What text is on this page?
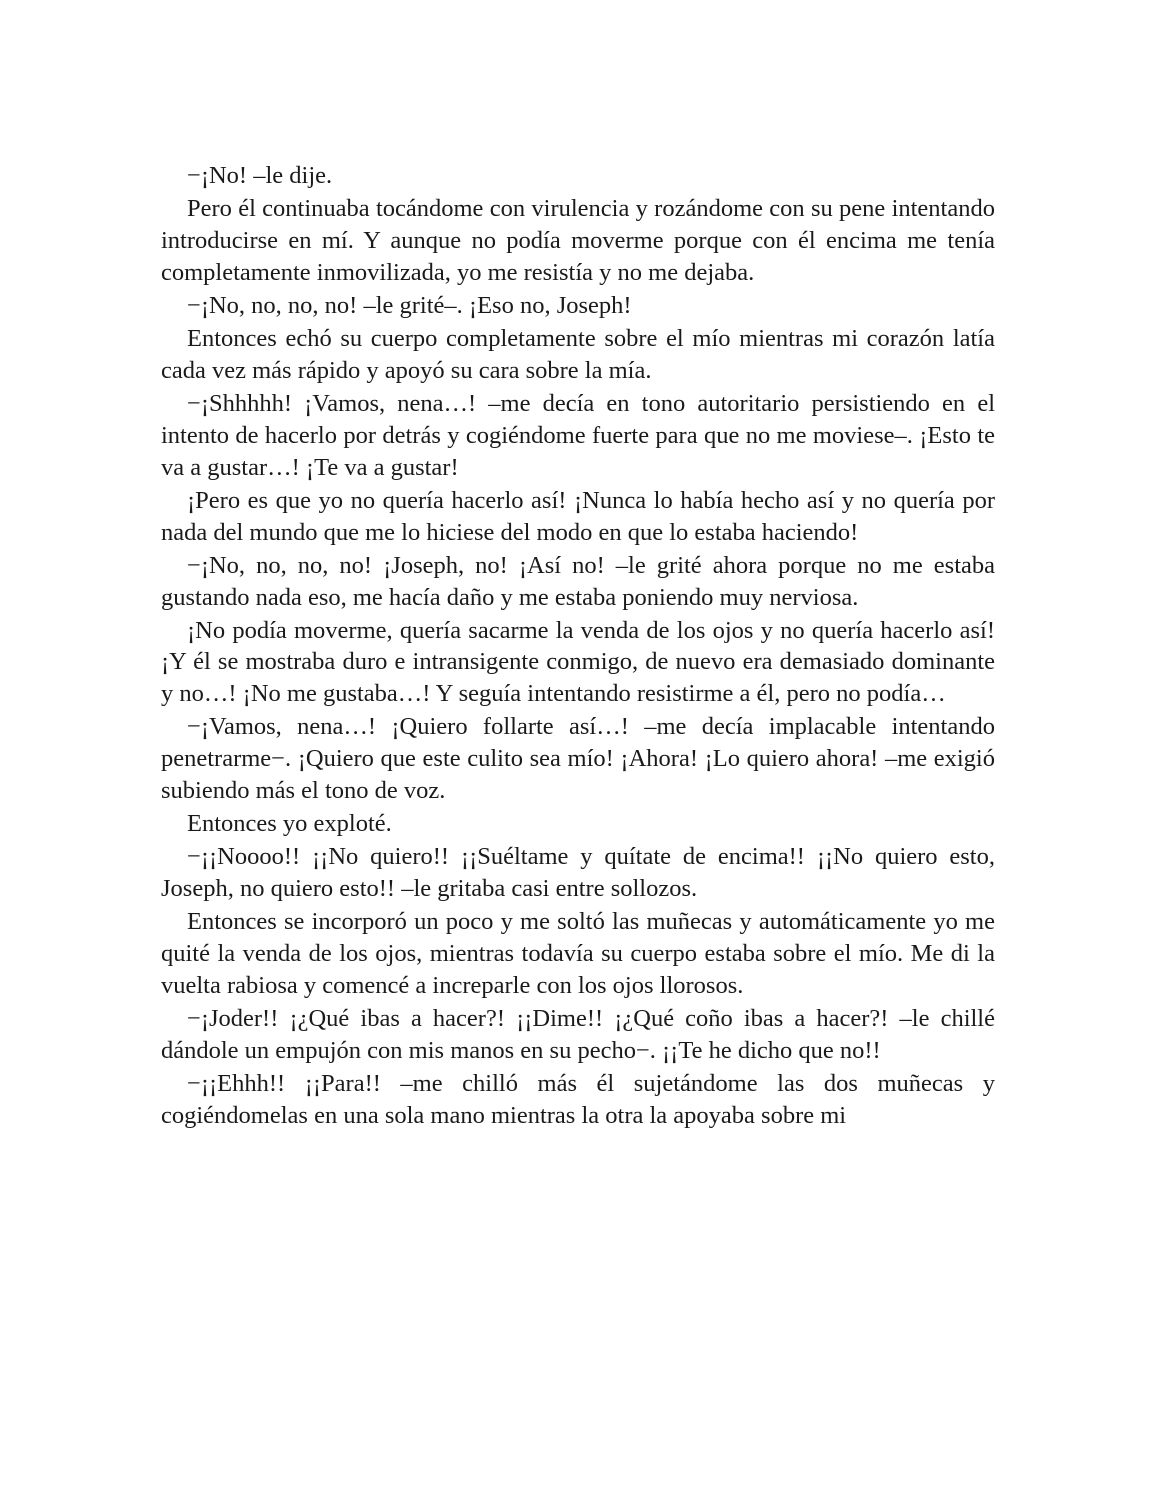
−¡No! –le dije.

Pero él continuaba tocándome con virulencia y rozándome con su pene intentando introducirse en mí. Y aunque no podía moverme porque con él encima me tenía completamente inmovilizada, yo me resistía y no me dejaba.

−¡No, no, no, no! –le grité–. ¡Eso no, Joseph!

Entonces echó su cuerpo completamente sobre el mío mientras mi corazón latía cada vez más rápido y apoyó su cara sobre la mía.

−¡Shhhhh! ¡Vamos, nena…! –me decía en tono autoritario persistiendo en el intento de hacerlo por detrás y cogiéndome fuerte para que no me moviese–. ¡Esto te va a gustar…! ¡Te va a gustar!

¡Pero es que yo no quería hacerlo así! ¡Nunca lo había hecho así y no quería por nada del mundo que me lo hiciese del modo en que lo estaba haciendo!

−¡No, no, no, no! ¡Joseph, no! ¡Así no! –le grité ahora porque no me estaba gustando nada eso, me hacía daño y me estaba poniendo muy nerviosa.

¡No podía moverme, quería sacarme la venda de los ojos y no quería hacerlo así! ¡Y él se mostraba duro e intransigente conmigo, de nuevo era demasiado dominante y no…! ¡No me gustaba…! Y seguía intentando resistirme a él, pero no podía…

−¡Vamos, nena…! ¡Quiero follarte así…! –me decía implacable intentando penetrarme−. ¡Quiero que este culito sea mío! ¡Ahora! ¡Lo quiero ahora! –me exigió subiendo más el tono de voz.

Entonces yo exploté.

−¡¡Noooo!! ¡¡No quiero!! ¡¡Suéltame y quítate de encima!! ¡¡No quiero esto, Joseph, no quiero esto!! –le gritaba casi entre sollozos.

Entonces se incorporó un poco y me soltó las muñecas y automáticamente yo me quité la venda de los ojos, mientras todavía su cuerpo estaba sobre el mío. Me di la vuelta rabiosa y comencé a increparle con los ojos llorosos.

−¡Joder!! ¡¿Qué ibas a hacer?! ¡¡Dime!! ¡¿Qué coño ibas a hacer?! –le chillé dándole un empujón con mis manos en su pecho−. ¡¡Te he dicho que no!!

−¡¡Ehhh!! ¡¡Para!! –me chilló más él sujetándome las dos muñecas y cogiéndomelas en una sola mano mientras la otra la apoyaba sobre mi
